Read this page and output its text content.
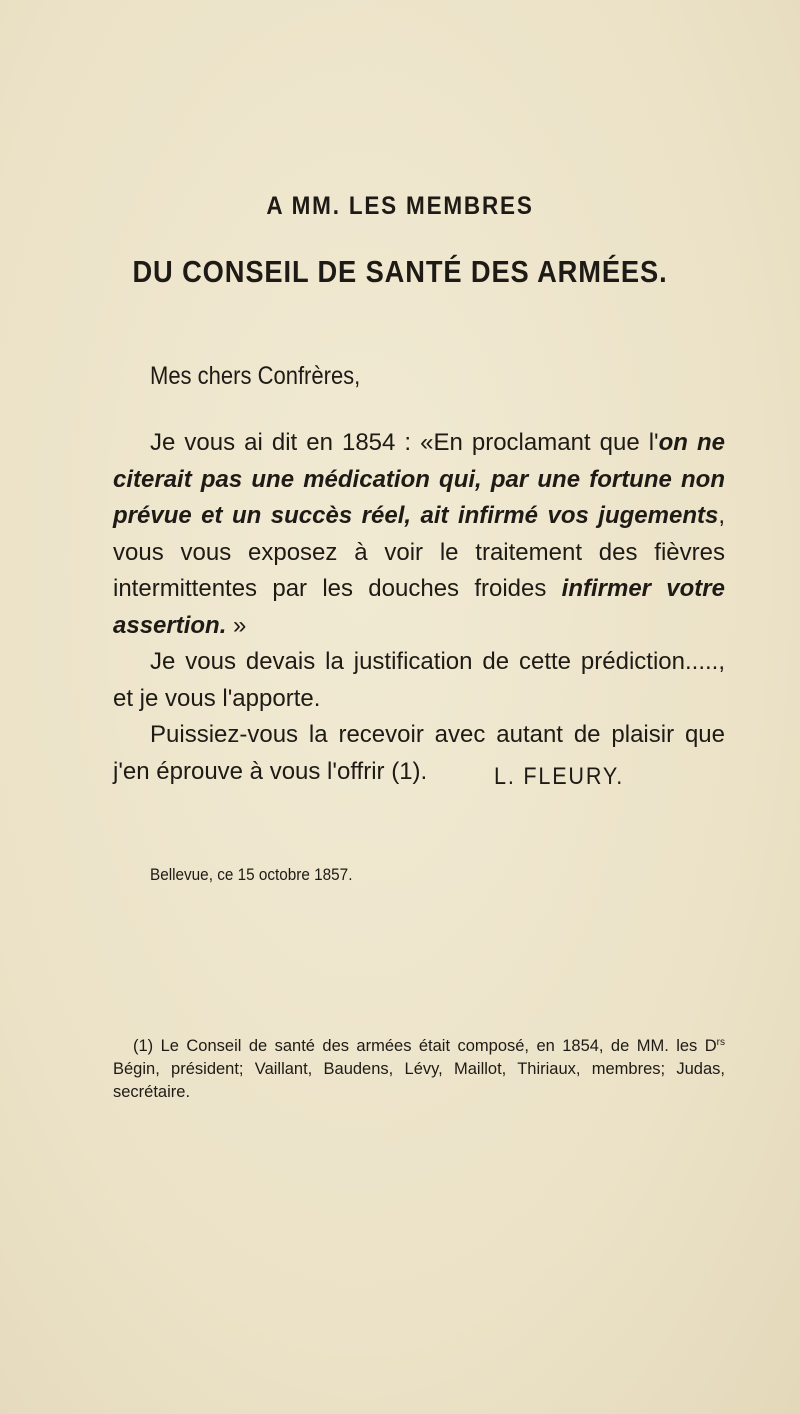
A MM. LES MEMBRES
DU CONSEIL DE SANTÉ DES ARMÉES.
Mes chers Confrères,

Je vous ai dit en 1854 : «En proclamant que l'on ne citerait pas une médication qui, par une fortune non prévue et un succès réel, ait infirmé vos jugements, vous vous exposez à voir le traitement des fièvres intermittentes par les douches froides infirmer votre assertion. »

Je vous devais la justification de cette prédiction....., et je vous l'apporte.

Puissiez-vous la recevoir avec autant de plaisir que j'en éprouve à vous l'offrir (1).	L. FLEURY.
Bellevue, ce 15 octobre 1857.

(1) Le Conseil de santé des armées était composé, en 1854, de MM. les $D^{rs}$ Bégin, président; Vaillant, Baudens, Lévy, Maillot, Thiriaux, membres; Judas, secrétaire.
